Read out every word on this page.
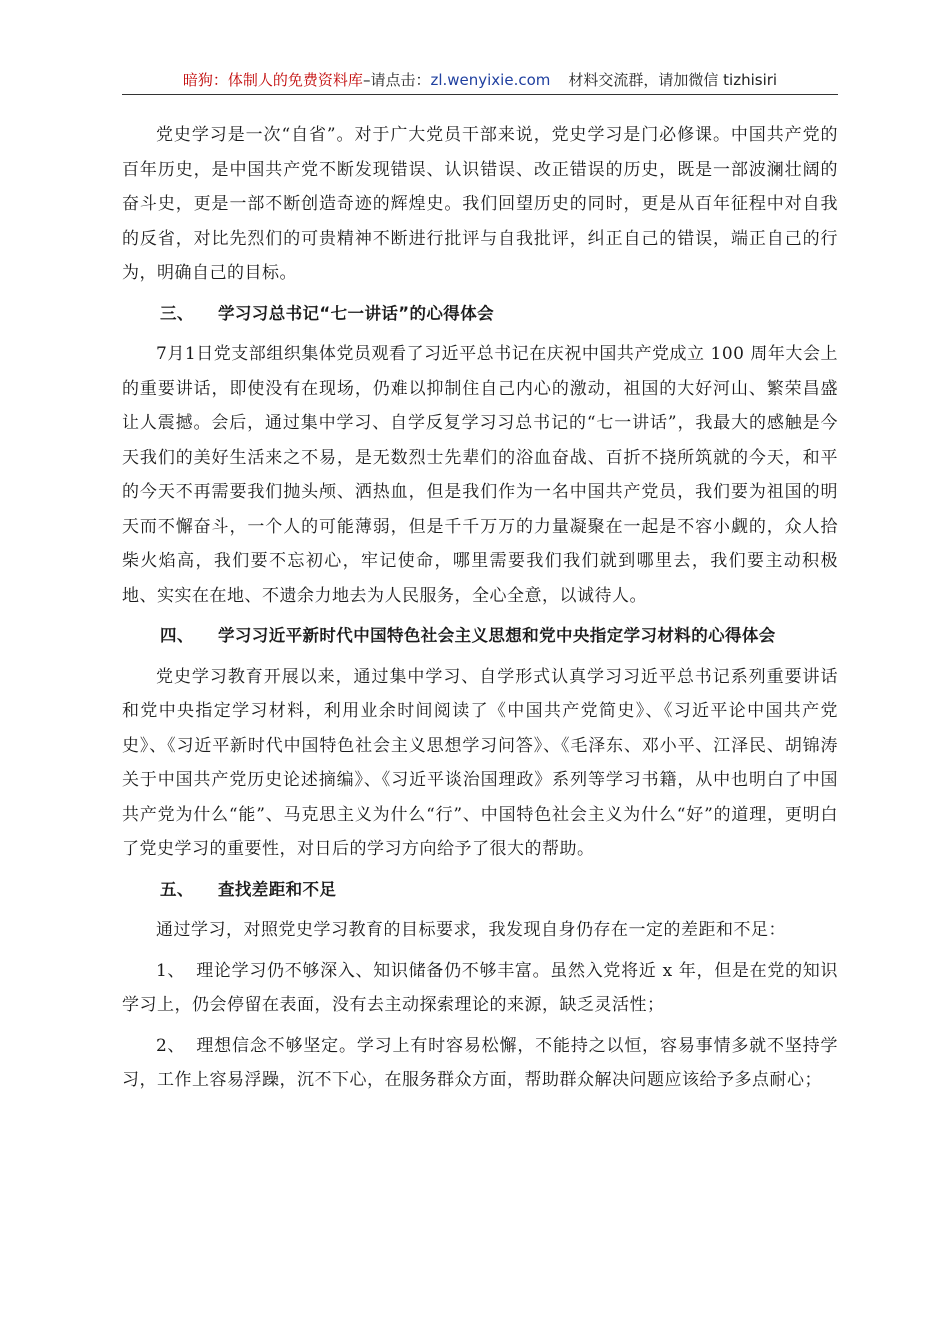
暗狗：体制人的免费资料库–请点击：zl.wenyixie.com 材料交流群，请加微信 tizhisiri

党史学习是一次“自省”。对于广大党员干部来说，党史学习是门必修课。中国共产党的百年历史，是中国共产党不断发现错误、认识错误、改正错误的历史，既是一部波澜壮阔的奋斗史，更是一部不断创造奇迹的辉煌史。我们回望历史的同时，更是从百年征程中对自我的反省，对比先烈们的可贵精神不断进行批评与自我批评，纠正自己的错误，端正自己的行为，明确自己的目标。

三、 学习习总书记“七一讲话”的心得体会

7月1日党支部组织集体党员观看了习近平总书记在庆祝中国共产党成立 100 周年大会上的重要讲话，即使没有在现场，仍难以抑制住自己内心的激动，祖国的大好河山、繁荣昌盛让人震撼。会后，通过集中学习、自学反复学习习总书记的“七一讲话”，我最大的感触是今天我们的美好生活来之不易，是无数烈士先辈们的浴血奋战、百折不挠所筑就的今天，和平的今天不再需要我们抛头颅、洒热血，但是我们作为一名中国共产党员，我们要为祖国的明天而不懈奋斗，一个人的可能薄弱，但是千千万万的力量凝聚在一起是不容小觑的，众人拾柴火焰高，我们要不忘初心，牢记使命，哪里需要我们我们就到哪里去，我们要主动积极地、实实在在地、不遗余力地去为人民服务，全心全意，以诚待人。

四、 学习习近平新时代中国特色社会主义思想和党中央指定学习材料的心得体会

党史学习教育开展以来，通过集中学习、自学形式认真学习习近平总书记系列重要讲话和党中央指定学习材料，利用业余时间阅读了《中国共产党简史》、《习近平论中国共产党史》、《习近平新时代中国特色社会主义思想学习问答》、《毛泽东、邓小平、江泽民、胡锦涛关于中国共产党历史论述摘编》、《习近平谈治国理政》系列等学习书籍，从中也明白了中国共产党为什么“能”、马克思主义为什么“行”、中国特色社会主义为什么“好”的道理，更明白了党史学习的重要性，对日后的学习方向给予了很大的帮助。

五、 查找差距和不足

通过学习，对照党史学习教育的目标要求，我发现自身仍存在一定的差距和不足：

1、 理论学习仍不够深入、知识储备仍不够丰富。虽然入党将近 x 年，但是在党的知识学习上，仍会停留在表面，没有去主动探索理论的来源，缺乏灵活性；

2、 理想信念不够坚定。学习上有时容易松懈，不能持之以恒，容易事情多就不坚持学习，工作上容易浮躁，沉不下心，在服务群众方面，帮助群众解决问题应该给予多点耐心；
